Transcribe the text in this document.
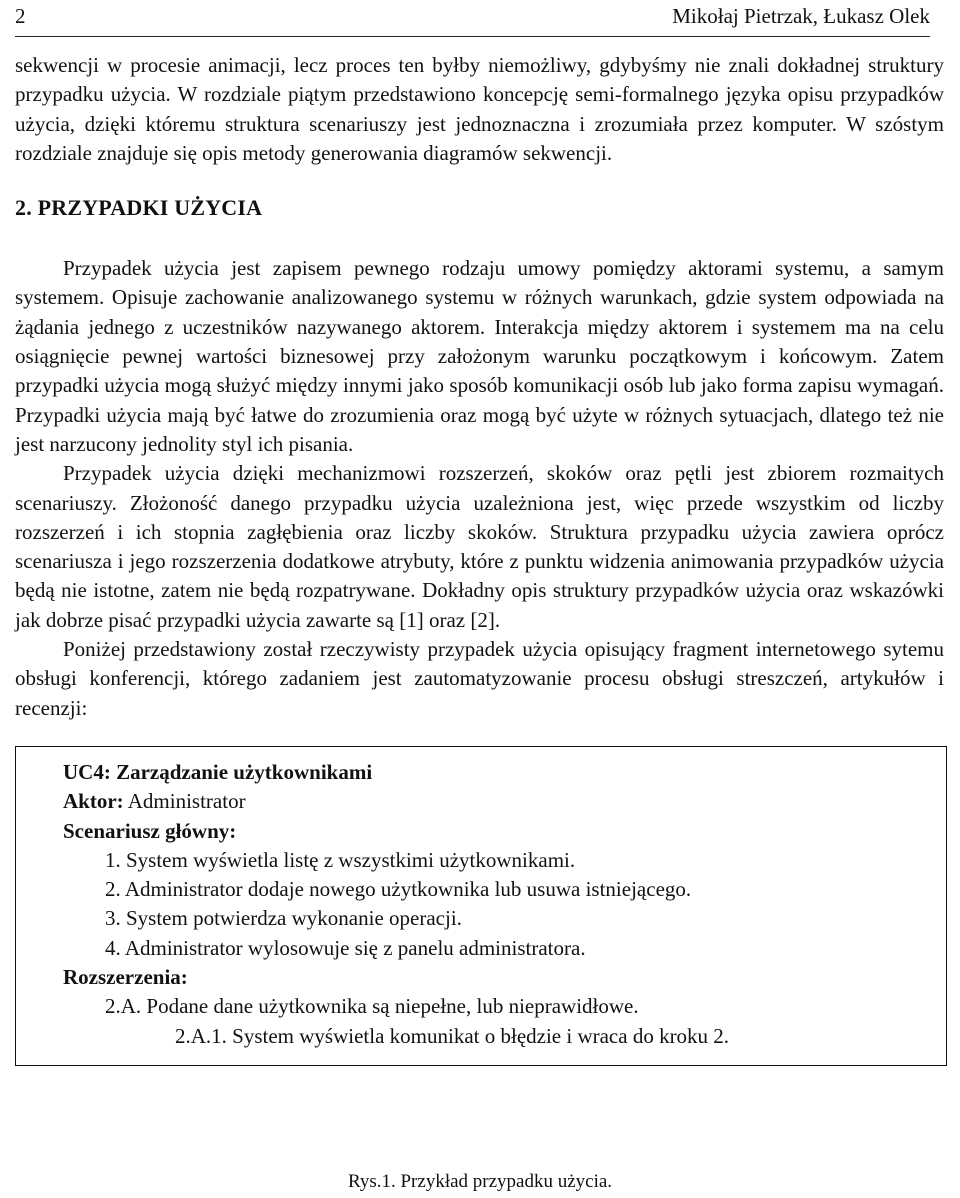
2	Mikołaj Pietrzak, Łukasz Olek

sekwencji w procesie animacji, lecz proces ten byłby niemożliwy, gdybyśmy nie znali dokładnej struktury przypadku użycia. W rozdziale piątym przedstawiono koncepcję semi-formalnego języka opisu przypadków użycia, dzięki któremu struktura scenariuszy jest jednoznaczna i zrozumiała przez komputer. W szóstym rozdziale znajduje się opis metody generowania diagramów sekwencji.

2. PRZYPADKI UŻYCIA

Przypadek użycia jest zapisem pewnego rodzaju umowy pomiędzy aktorami systemu, a samym systemem. Opisuje zachowanie analizowanego systemu w różnych warunkach, gdzie system odpowiada na żądania jednego z uczestników nazywanego aktorem. Interakcja między aktorem i systemem ma na celu osiągnięcie pewnej wartości biznesowej przy założonym warunku początkowym i końcowym. Zatem przypadki użycia mogą służyć między innymi jako sposób komunikacji osób lub jako forma zapisu wymagań. Przypadki użycia mają być łatwe do zrozumienia oraz mogą być użyte w różnych sytuacjach, dlatego też nie jest narzucony jednolity styl ich pisania.

Przypadek użycia dzięki mechanizmowi rozszerzeń, skoków oraz pętli jest zbiorem rozmaitych scenariuszy. Złożoność danego przypadku użycia uzależniona jest, więc przede wszystkim od liczby rozszerzeń i ich stopnia zagłębienia oraz liczby skoków. Struktura przypadku użycia zawiera oprócz scenariusza i jego rozszerzenia dodatkowe atrybuty, które z punktu widzenia animowania przypadków użycia będą nie istotne, zatem nie będą rozpatrywane. Dokładny opis struktury przypadków użycia oraz wskazówki jak dobrze pisać przypadki użycia zawarte są [1] oraz [2].

Poniżej przedstawiony został rzeczywisty przypadek użycia opisujący fragment internetowego sytemu obsługi konferencji, którego zadaniem jest zautomatyzowanie procesu obsługi streszczeń, artykułów i recenzji:

UC4: Zarządzanie użytkownikami
Aktor: Administrator
Scenariusz główny:
1. System wyświetla listę z wszystkimi użytkownikami.
2. Administrator dodaje nowego użytkownika lub usuwa istniejącego.
3. System potwierdza wykonanie operacji.
4. Administrator wylosowuje się z panelu administratora.
Rozszerzenia:
2.A. Podane dane użytkownika są niepełne, lub nieprawidłowe.
2.A.1. System wyświetla komunikat o błędzie i wraca do kroku 2.
Rys.1. Przykład przypadku użycia.
